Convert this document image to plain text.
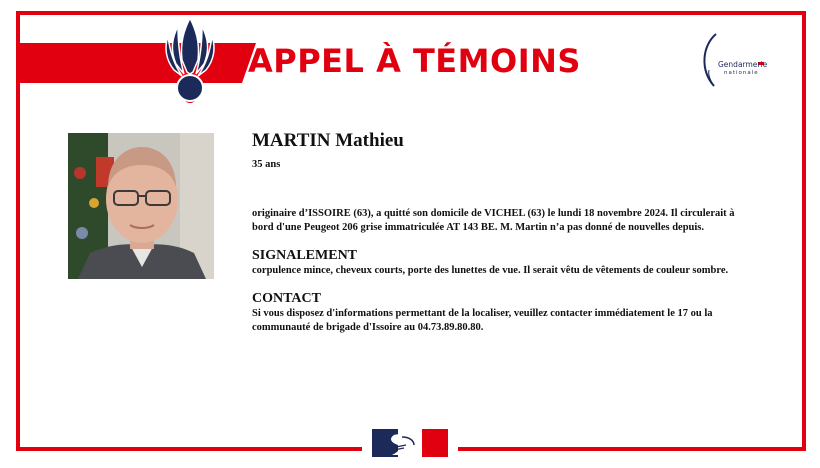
APPEL À TÉMOINS	Gendarmerie
nationale
MARTIN Mathieu
35 ans
originaire d’ISSOIRE (63), a quitté son domicile de VICHEL (63) le lundi 18 novembre 2024. Il circulerait à bord d'une Peugeot 206 grise immatriculée AT 143 BE. M. Martin n’a pas donné de nouvelles depuis.
SIGNALEMENT
corpulence mince, cheveux courts, porte des lunettes de vue. Il serait vêtu de vêtements de couleur sombre.
CONTACT
Si vous disposez d'informations permettant de la localiser, veuillez contacter immédiatement le 17 ou la communauté de brigade d'Issoire au 04.73.89.80.80.
